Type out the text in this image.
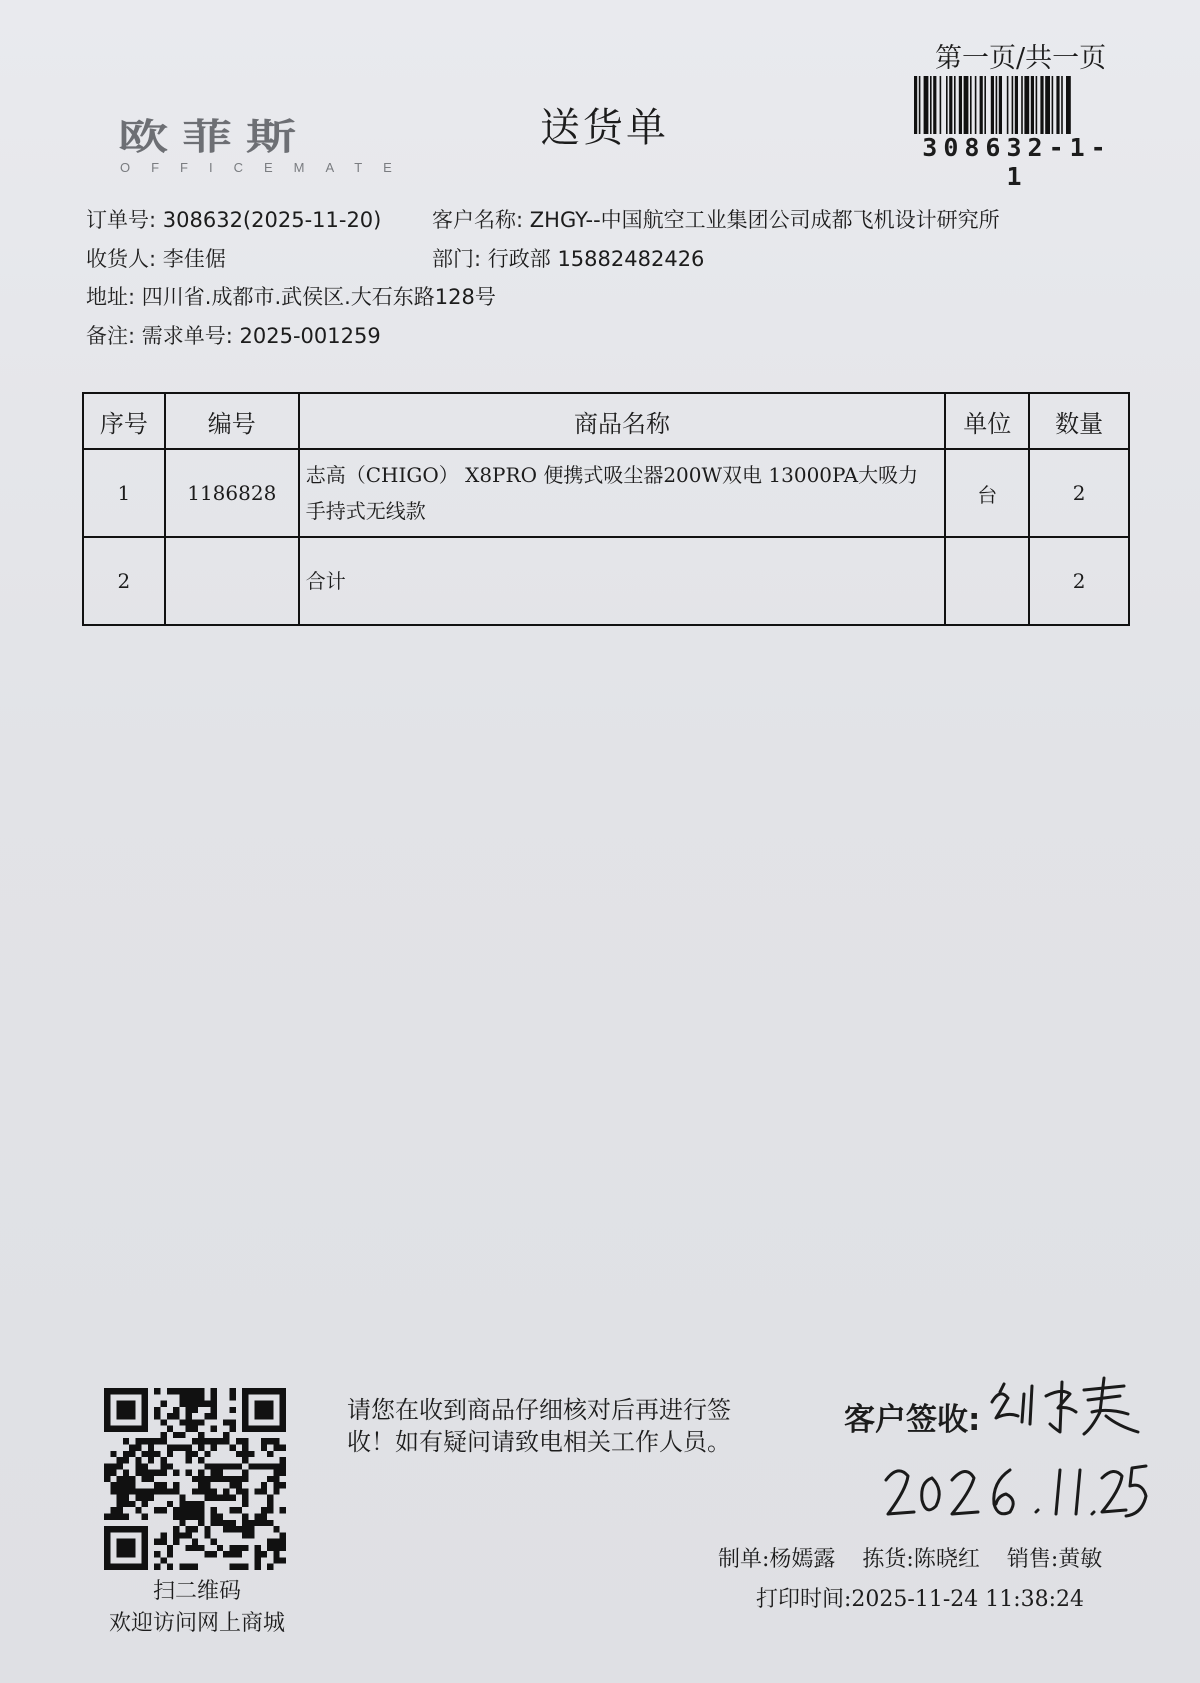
欧菲斯
OFFICEMATE
送货单
第一页/共一页
308632-1-1
订单号: 308632(2025-11-20) 客户名称: ZHGY--中国航空工业集团公司成都飞机设计研究所
收货人: 李佳倨	部门: 行政部 15882482426
地址: 四川省.成都市.武侯区.大石东路128号
备注: 需求单号: 2025-001259
序号	编号	商品名称	单位	数量
1	1186828	志高（CHIGO） X8PRO 便携式吸尘器200W双电 13000PA大吸力 手持式无线款	台	2
2		合计		2
扫二维码
欢迎访问网上商城
请您在收到商品仔细核对后再进行签收！如有疑问请致电相关工作人员。
客户签收:
制单:杨嫣露 拣货:陈晓红 销售:黄敏
打印时间:2025-11-24 11:38:24
